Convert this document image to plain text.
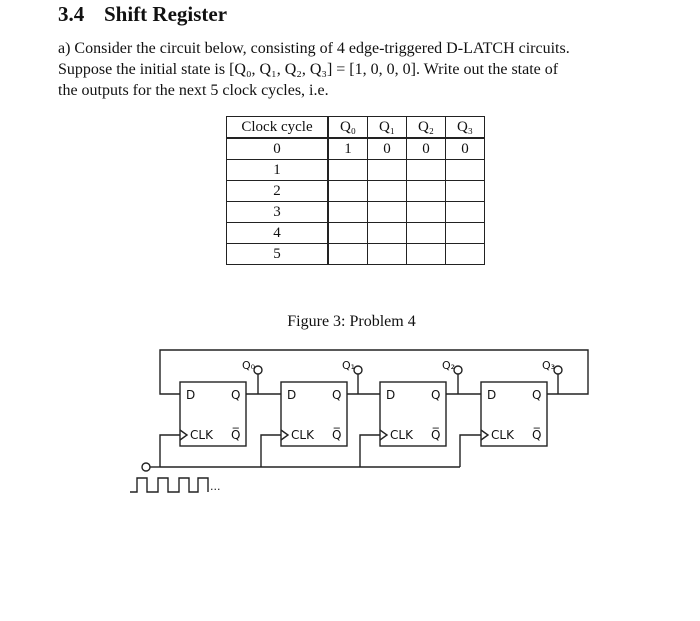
3.4 Shift Register
a) Consider the circuit below, consisting of 4 edge-triggered D-LATCH circuits.
Suppose the initial state is [Q₀, Q₁, Q₂, Q₃] = [1, 0, 0, 0]. Write out the state of
the outputs for the next 5 clock cycles, i.e.
Clock cycle	Q₀	Q₁	Q₂	Q₃
0	1	0	0	0
1				
2				
3				
4				
5				
Figure 3: Problem 4
D	Q
CLK Q̅
D	Q
CLK Q̅
D	Q
CLK Q̅
D	Q
CLK Q̅
Q₀	Q₁	Q₂	Q₃
...
